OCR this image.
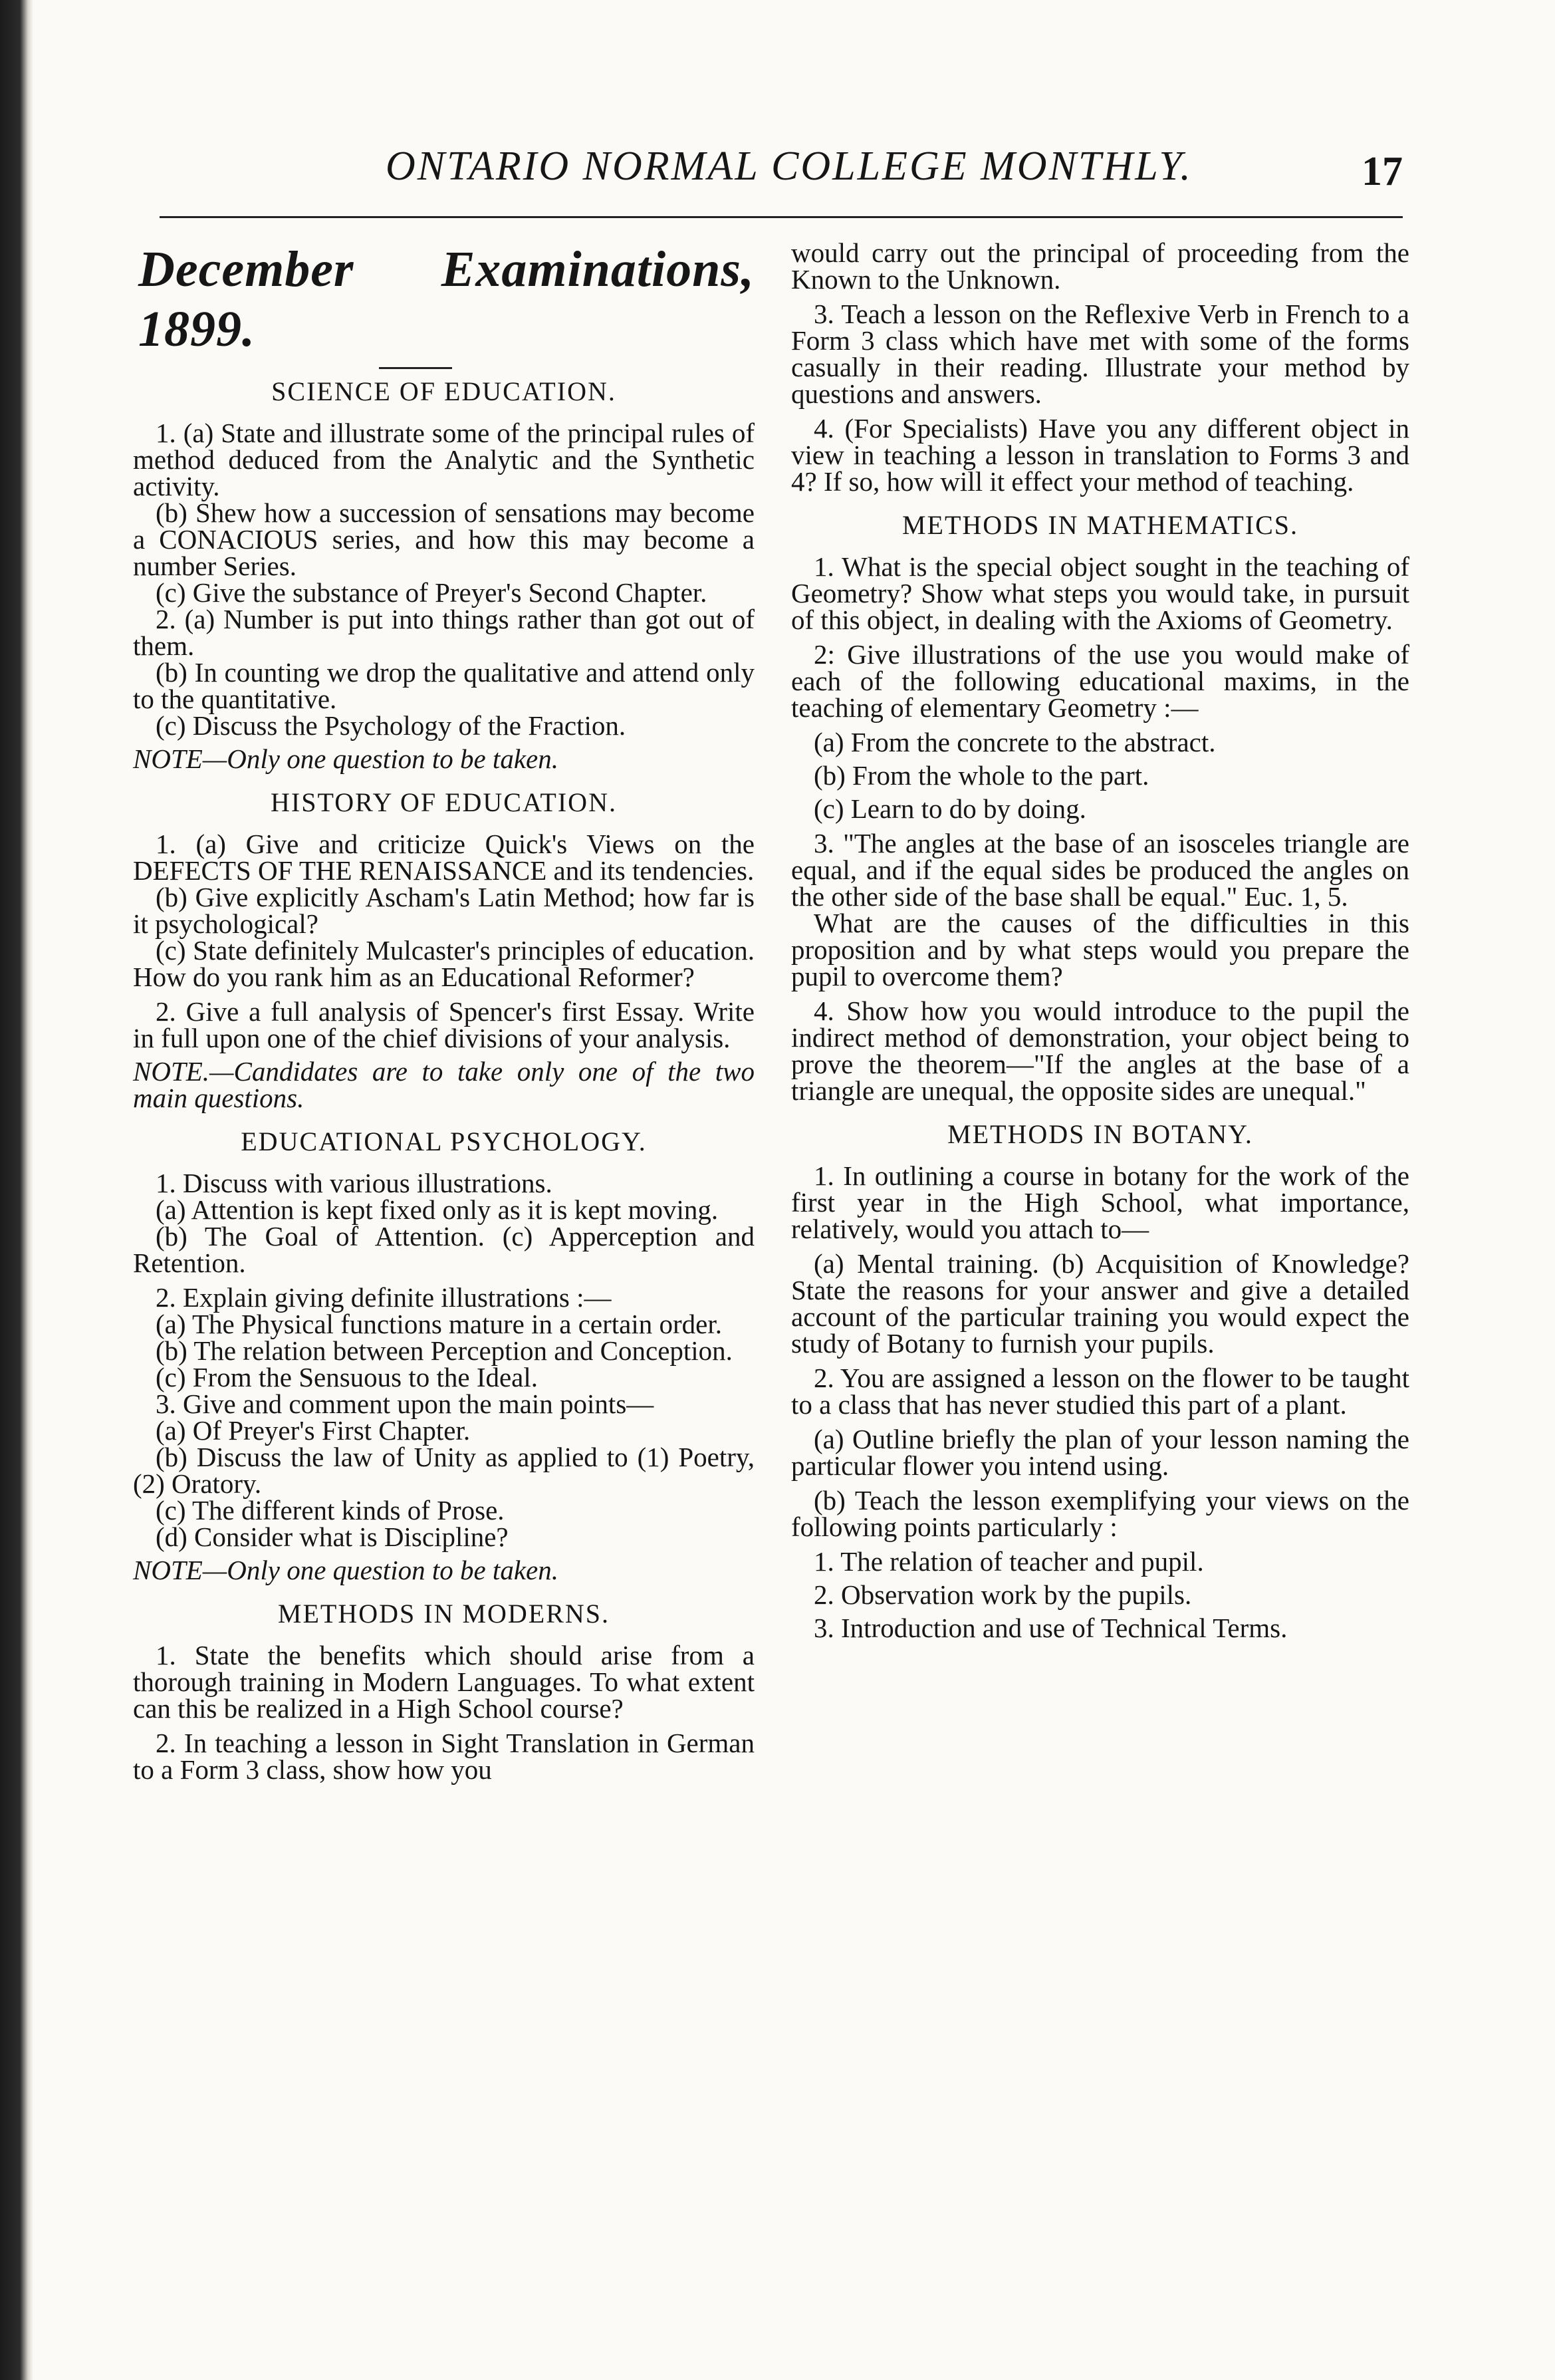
ONTARIO NORMAL COLLEGE MONTHLY.	17
December Examinations, 1899.
SCIENCE OF EDUCATION.

1. (a) State and illustrate some of the principal rules of method deduced from the Analytic and the Synthetic activity.

(b) Shew how a succession of sensations may become a CONACIOUS series, and how this may become a number Series.

(c) Give the substance of Preyer's Second Chapter.

2. (a) Number is put into things rather than got out of them.

(b) In counting we drop the qualitative and attend only to the quantitative.

(c) Discuss the Psychology of the Fraction.

NOTE—Only one question to be taken.

HISTORY OF EDUCATION.

1. (a) Give and criticize Quick's Views on the DEFECTS OF THE RENAISSANCE and its tendencies.

(b) Give explicitly Ascham's Latin Method; how far is it psychological?

(c) State definitely Mulcaster's principles of education. How do you rank him as an Educational Reformer?

2. Give a full analysis of Spencer's first Essay. Write in full upon one of the chief divisions of your analysis.

NOTE.—Candidates are to take only one of the two main questions.

EDUCATIONAL PSYCHOLOGY.

1. Discuss with various illustrations.

(a) Attention is kept fixed only as it is kept moving.

(b) The Goal of Attention. (c) Apperception and Retention.

2. Explain giving definite illustrations :—

(a) The Physical functions mature in a certain order.

(b) The relation between Perception and Conception.

(c) From the Sensuous to the Ideal.

3. Give and comment upon the main points—

(a) Of Preyer's First Chapter.

(b) Discuss the law of Unity as applied to (1) Poetry, (2) Oratory.

(c) The different kinds of Prose.

(d) Consider what is Discipline?

NOTE—Only one question to be taken.

METHODS IN MODERNS.

1. State the benefits which should arise from a thorough training in Modern Languages. To what extent can this be realized in a High School course?

2. In teaching a lesson in Sight Translation in German to a Form 3 class, show how you

would carry out the principal of proceeding from the Known to the Unknown.

3. Teach a lesson on the Reflexive Verb in French to a Form 3 class which have met with some of the forms casually in their reading. Illustrate your method by questions and answers.

4. (For Specialists) Have you any different object in view in teaching a lesson in translation to Forms 3 and 4? If so, how will it effect your method of teaching.

METHODS IN MATHEMATICS.

1. What is the special object sought in the teaching of Geometry? Show what steps you would take, in pursuit of this object, in dealing with the Axioms of Geometry.

2: Give illustrations of the use you would make of each of the following educational maxims, in the teaching of elementary Geometry :—

(a) From the concrete to the abstract.

(b) From the whole to the part.

(c) Learn to do by doing.

3. "The angles at the base of an isosceles triangle are equal, and if the equal sides be produced the angles on the other side of the base shall be equal." Euc. 1, 5.

What are the causes of the difficulties in this proposition and by what steps would you prepare the pupil to overcome them?

4. Show how you would introduce to the pupil the indirect method of demonstration, your object being to prove the theorem—"If the angles at the base of a triangle are unequal, the opposite sides are unequal."

METHODS IN BOTANY.

1. In outlining a course in botany for the work of the first year in the High School, what importance, relatively, would you attach to—

(a) Mental training. (b) Acquisition of Knowledge? State the reasons for your answer and give a detailed account of the particular training you would expect the study of Botany to furnish your pupils.

2. You are assigned a lesson on the flower to be taught to a class that has never studied this part of a plant.

(a) Outline briefly the plan of your lesson naming the particular flower you intend using.

(b) Teach the lesson exemplifying your views on the following points particularly :

1. The relation of teacher and pupil.

2. Observation work by the pupils.

3. Introduction and use of Technical Terms.
